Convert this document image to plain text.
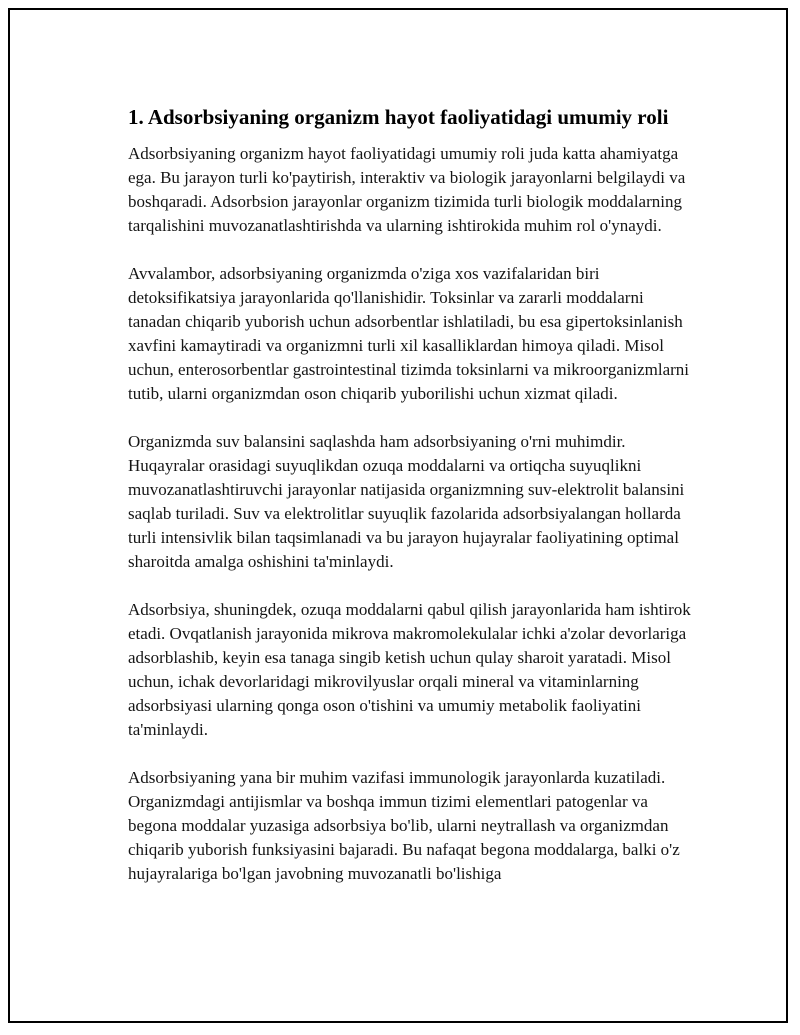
1. Adsorbsiyaning organizm hayot faoliyatidagi umumiy roli

Adsorbsiyaning organizm hayot faoliyatidagi umumiy roli juda katta ahamiyatga ega. Bu jarayon turli ko'paytirish, interaktiv va biologik jarayonlarni belgilaydi va boshqaradi. Adsorbsion jarayonlar organizm tizimida turli biologik moddalarning tarqalishini muvozanatlashtirishda va ularning ishtirokida muhim rol o'ynaydi.

Avvalambor, adsorbsiyaning organizmda o'ziga xos vazifalaridan biri detoksifikatsiya jarayonlarida qo'llanishidir. Toksinlar va zararli moddalarni tanadan chiqarib yuborish uchun adsorbentlar ishlatiladi, bu esa gipertoksinlanish xavfini kamaytiradi va organizmni turli xil kasalliklardan himoya qiladi. Misol uchun, enterosorbentlar gastrointestinal tizimda toksinlarni va mikroorganizmlarni tutib, ularni organizmdan oson chiqarib yuborilishi uchun xizmat qiladi.

Organizmda suv balansini saqlashda ham adsorbsiyaning o'rni muhimdir. Huqayralar orasidagi suyuqlikdan ozuqa moddalarni va ortiqcha suyuqlikni muvozanatlashtiruvchi jarayonlar natijasida organizmning suv-elektrolit balansini saqlab turiladi. Suv va elektrolitlar suyuqlik fazolarida adsorbsiyalangan hollarda turli intensivlik bilan taqsimlanadi va bu jarayon hujayralar faoliyatining optimal sharoitda amalga oshishini ta'minlaydi.

Adsorbsiya, shuningdek, ozuqa moddalarni qabul qilish jarayonlarida ham ishtirok etadi. Ovqatlanish jarayonida mikrova makromolekulalar ichki a'zolar devorlariga adsorblashib, keyin esa tanaga singib ketish uchun qulay sharoit yaratadi. Misol uchun, ichak devorlaridagi mikrovilyuslar orqali mineral va vitaminlarning adsorbsiyasi ularning qonga oson o'tishini va umumiy metabolik faoliyatini ta'minlaydi.

Adsorbsiyaning yana bir muhim vazifasi immunologik jarayonlarda kuzatiladi. Organizmdagi antijismlar va boshqa immun tizimi elementlari patogenlar va begona moddalar yuzasiga adsorbsiya bo'lib, ularni neytrallash va organizmdan chiqarib yuborish funksiyasini bajaradi. Bu nafaqat begona moddalarga, balki o'z hujayralariga bo'lgan javobning muvozanatli bo'lishiga
